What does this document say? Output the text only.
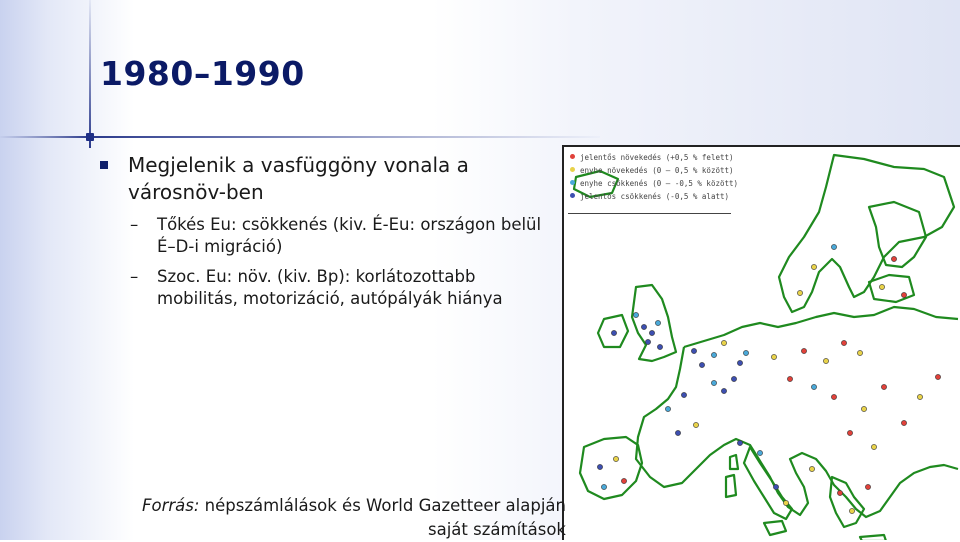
1980–1990
Megjelenik a vasfüggöny vonala a városnöv-ben
– Tőkés Eu: csökkenés (kiv. É-Eu: országon belül É–D-i migráció)
– Szoc. Eu: növ. (kiv. Bp): korlátozottabb mobilitás, motorizáció, autópályák hiánya
jelentős növekedés (+0,5 % felett)
enyhe növekedés (0 – 0,5 % között)
enyhe csökkenés (0 – -0,5 % között)
jelentős csökkenés (-0,5 % alatt)
Forrás: népszámlálások és World Gazetteer alapján
saját számítások
